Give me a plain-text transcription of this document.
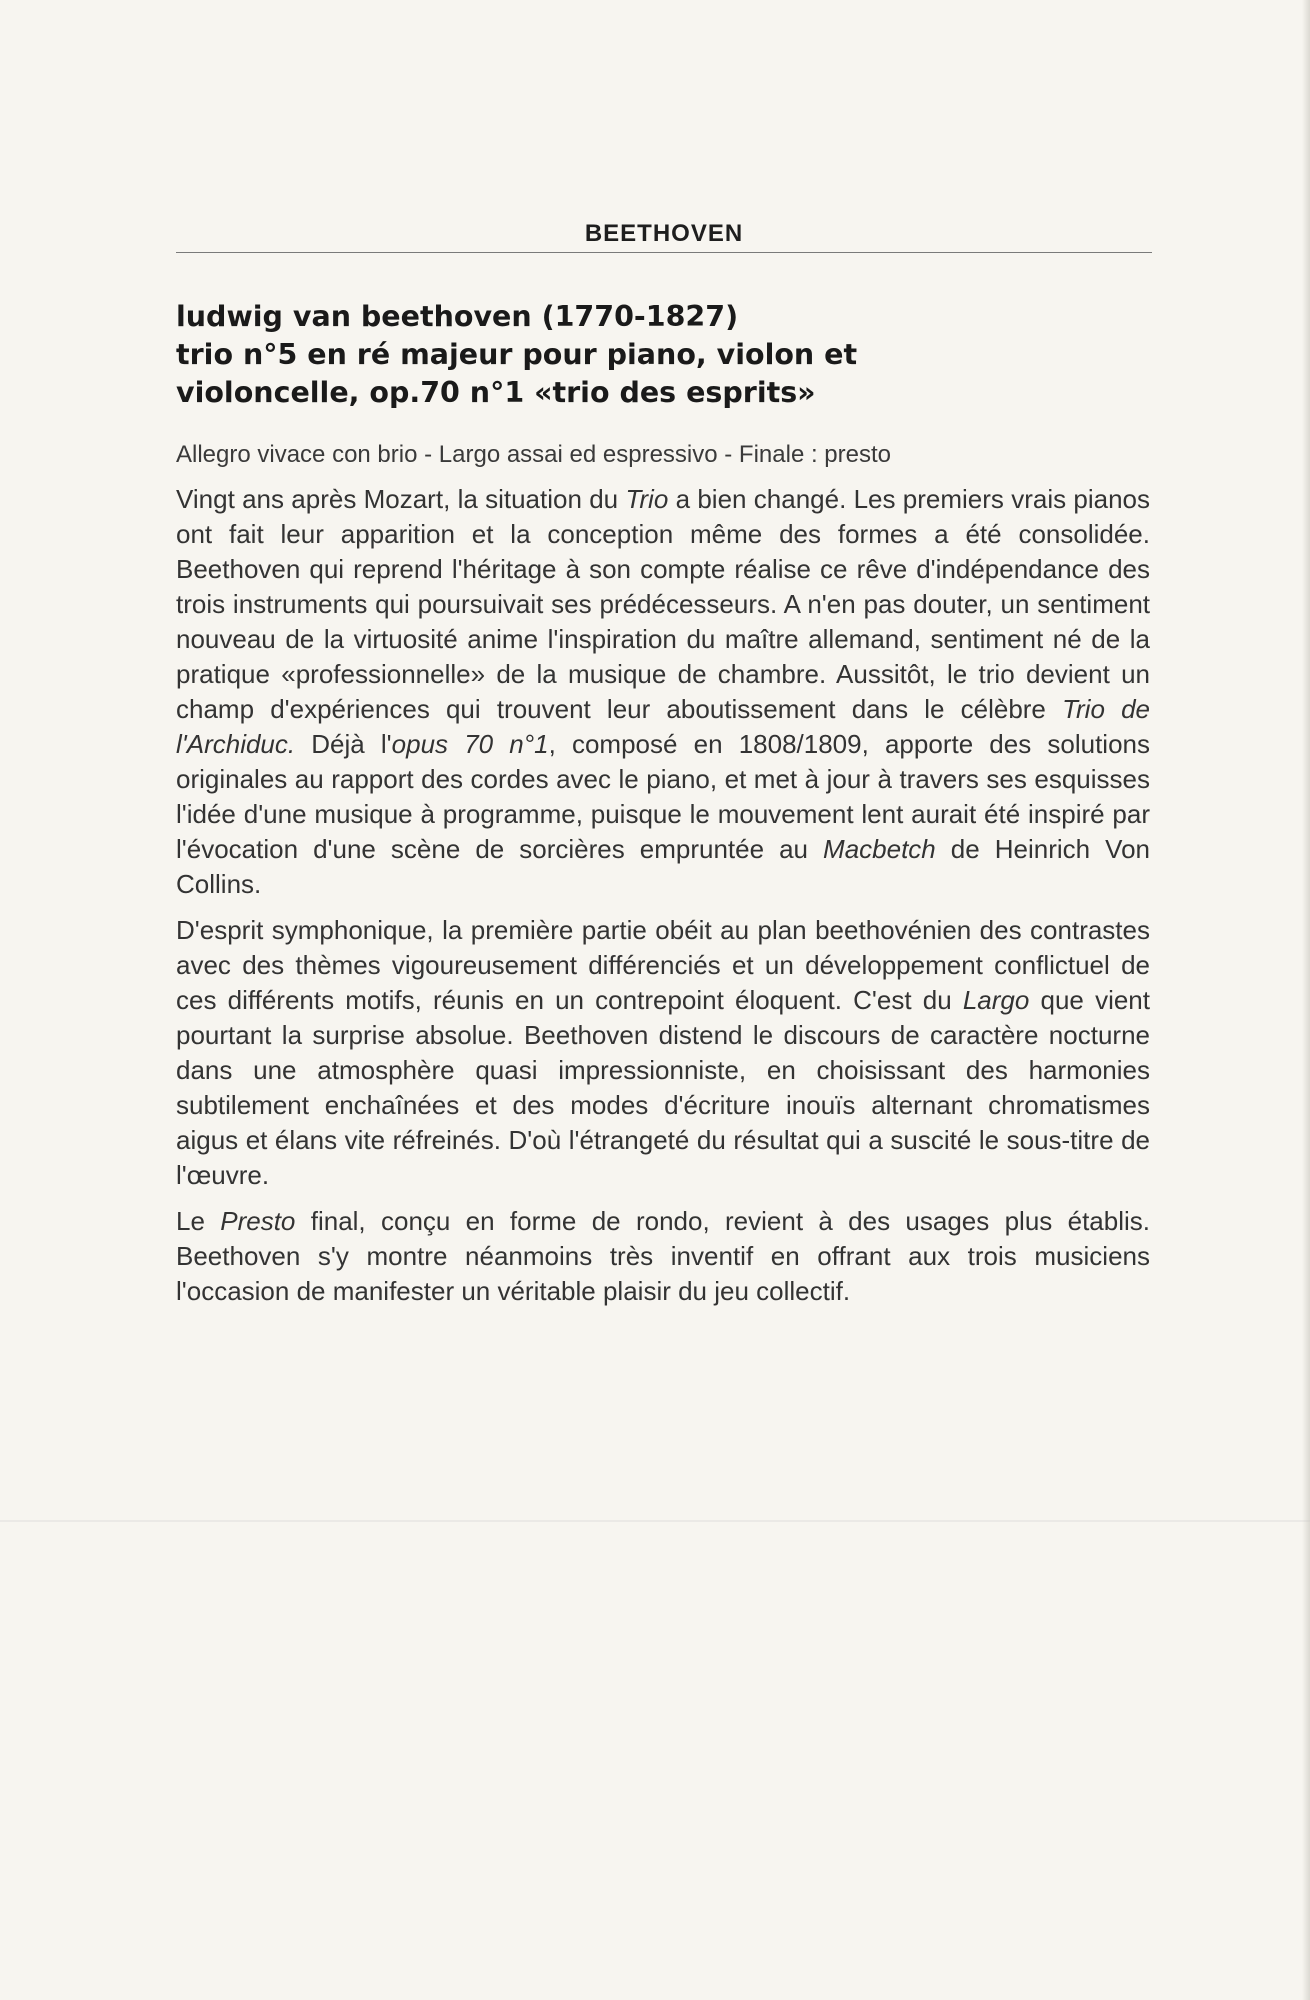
BEETHOVEN
ludwig van beethoven (1770-1827)
trio n°5 en ré majeur pour piano, violon et
violoncelle, op.70 n°1 «trio des esprits»
Allegro vivace con brio - Largo assai ed espressivo - Finale : presto

Vingt ans après Mozart, la situation du Trio a bien changé. Les premiers vrais pianos ont fait leur apparition et la conception même des formes a été consolidée. Beethoven qui reprend l'héritage à son compte réalise ce rêve d'indépendance des trois instruments qui poursuivait ses prédécesseurs. A n'en pas douter, un sentiment nouveau de la virtuosité anime l'inspiration du maître allemand, sentiment né de la pratique «professionnelle» de la musique de chambre. Aussitôt, le trio devient un champ d'expériences qui trouvent leur aboutissement dans le célèbre Trio de l'Archiduc. Déjà l'opus 70 n°1, composé en 1808/1809, apporte des solutions originales au rapport des cordes avec le piano, et met à jour à travers ses esquisses l'idée d'une musique à programme, puisque le mouvement lent aurait été inspiré par l'évocation d'une scène de sorcières empruntée au Macbetch de Heinrich Von Collins.

D'esprit symphonique, la première partie obéit au plan beethovénien des contrastes avec des thèmes vigoureusement différenciés et un développement conflictuel de ces différents motifs, réunis en un contrepoint éloquent. C'est du Largo que vient pourtant la surprise absolue. Beethoven distend le discours de caractère nocturne dans une atmosphère quasi impressionniste, en choisissant des harmonies subtilement enchaînées et des modes d'écriture inouïs alternant chromatismes aigus et élans vite réfreinés. D'où l'étrangeté du résultat qui a suscité le sous-titre de l'œuvre.

Le Presto final, conçu en forme de rondo, revient à des usages plus établis. Beethoven s'y montre néanmoins très inventif en offrant aux trois musiciens l'occasion de manifester un véritable plaisir du jeu collectif.
